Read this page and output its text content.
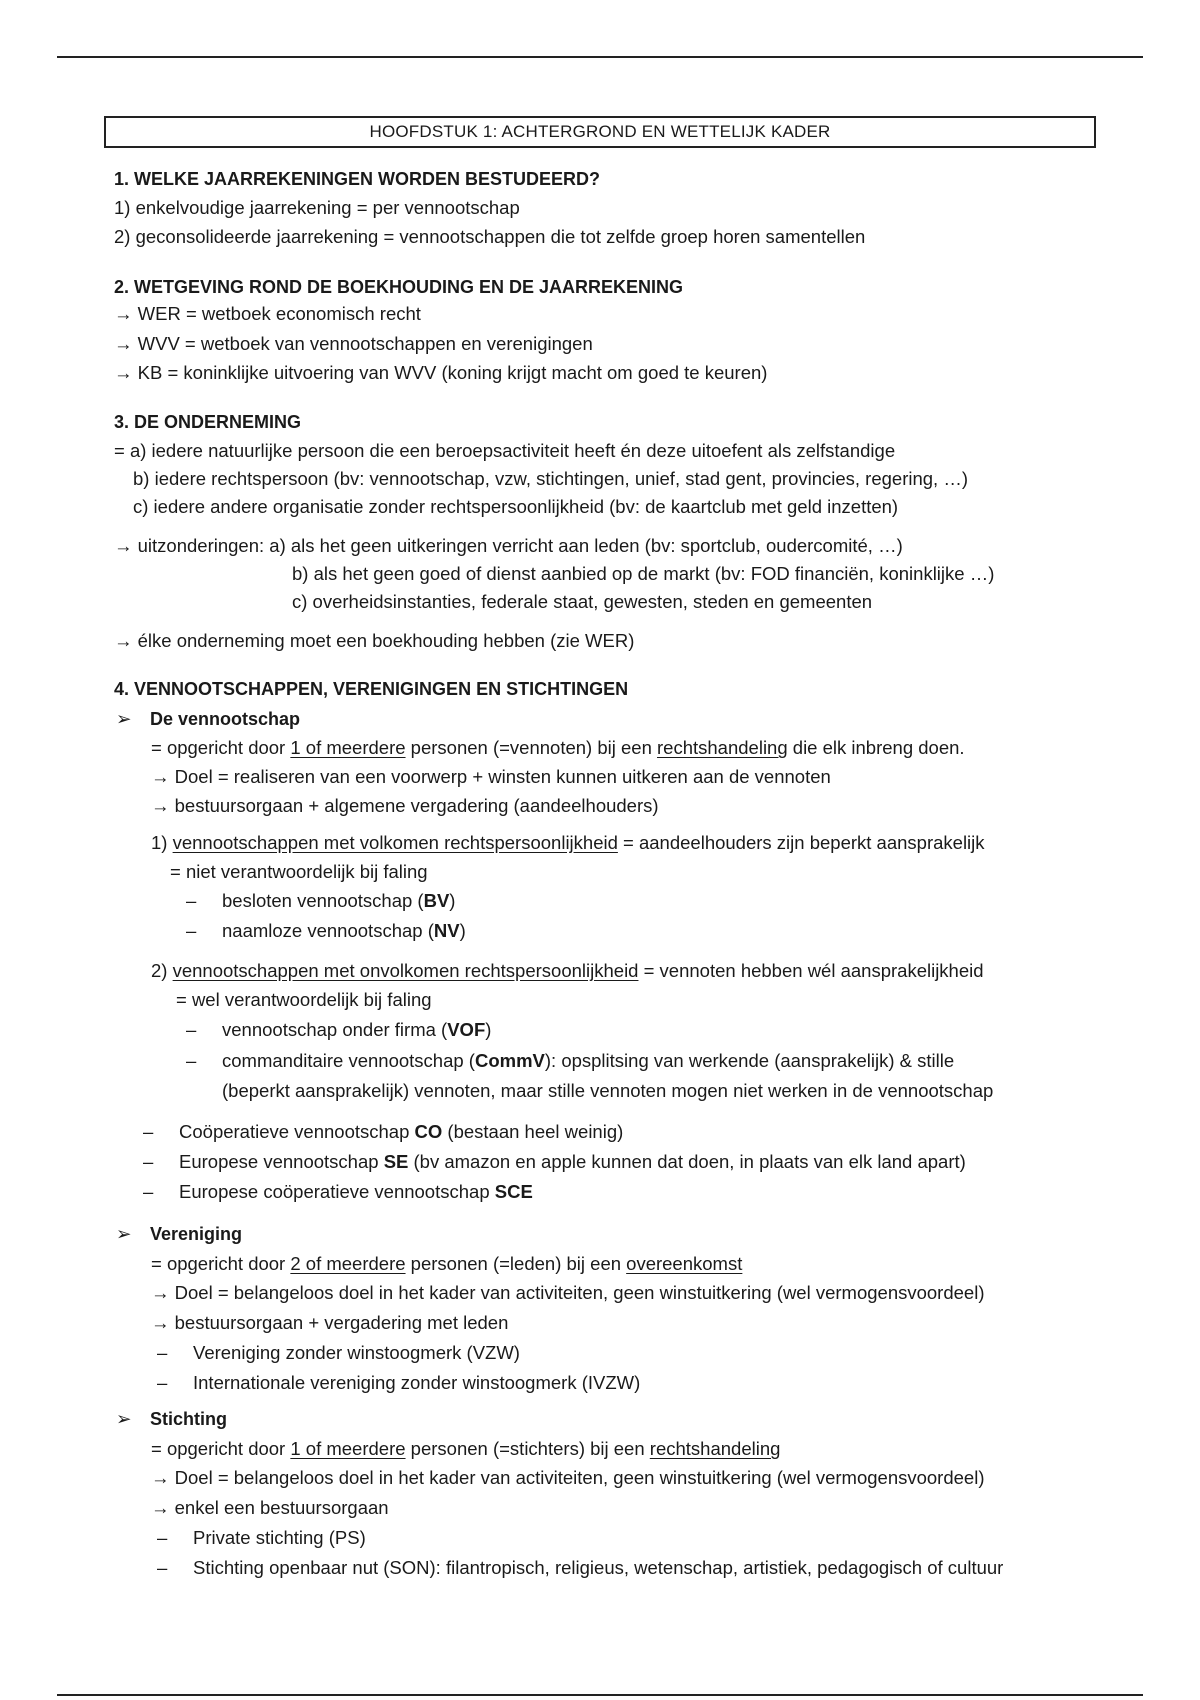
HOOFDSTUK 1: ACHTERGROND EN WETTELIJK KADER
1. WELKE JAARREKENINGEN WORDEN BESTUDEERD?
1) enkelvoudige jaarrekening = per vennootschap
2) geconsolideerde jaarrekening = vennootschappen die tot zelfde groep horen samentellen
2. WETGEVING ROND DE BOEKHOUDING EN DE JAARREKENING
→ WER = wetboek economisch recht
→ WVV = wetboek van vennootschappen en verenigingen
→ KB = koninklijke uitvoering van WVV (koning krijgt macht om goed te keuren)
3. DE ONDERNEMING
= a) iedere natuurlijke persoon die een beroepsactiviteit heeft én deze uitoefent als zelfstandige
b) iedere rechtspersoon (bv: vennootschap, vzw, stichtingen, unief, stad gent, provincies, regering, …)
c) iedere andere organisatie zonder rechtspersoonlijkheid (bv: de kaartclub met geld inzetten)
→ uitzonderingen: a) als het geen uitkeringen verricht aan leden (bv: sportclub, oudercomité, …)
b) als het geen goed of dienst aanbied op de markt (bv: FOD financiën, koninklijke …)
c) overheidsinstanties, federale staat, gewesten, steden en gemeenten
→ élke onderneming moet een boekhouding hebben (zie WER)
4. VENNOOTSCHAPPEN, VERENIGINGEN EN STICHTINGEN
➢ De vennootschap
= opgericht door 1 of meerdere personen (=vennoten) bij een rechtshandeling die elk inbreng doen.
→ Doel = realiseren van een voorwerp + winsten kunnen uitkeren aan de vennoten
→ bestuursorgaan + algemene vergadering (aandeelhouders)
1) vennootschappen met volkomen rechtspersoonlijkheid = aandeelhouders zijn beperkt aansprakelijk
= niet verantwoordelijk bij faling
– besloten vennootschap (BV)
– naamloze vennootschap (NV)
2) vennootschappen met onvolkomen rechtspersoonlijkheid = vennoten hebben wél aansprakelijkheid
= wel verantwoordelijk bij faling
– vennootschap onder firma (VOF)
– commanditaire vennootschap (CommV): opsplitsing van werkende (aansprakelijk) & stille
(beperkt aansprakelijk) vennoten, maar stille vennoten mogen niet werken in de vennootschap
– Coöperatieve vennootschap CO (bestaan heel weinig)
– Europese vennootschap SE (bv amazon en apple kunnen dat doen, in plaats van elk land apart)
– Europese coöperatieve vennootschap SCE
➢ Vereniging
= opgericht door 2 of meerdere personen (=leden) bij een overeenkomst
→ Doel = belangeloos doel in het kader van activiteiten, geen winstuitkering (wel vermogensvoordeel)
→ bestuursorgaan + vergadering met leden
– Vereniging zonder winstoogmerk (VZW)
– Internationale vereniging zonder winstoogmerk (IVZW)
➢ Stichting
= opgericht door 1 of meerdere personen (=stichters) bij een rechtshandeling
→ Doel = belangeloos doel in het kader van activiteiten, geen winstuitkering (wel vermogensvoordeel)
→ enkel een bestuursorgaan
– Private stichting (PS)
– Stichting openbaar nut (SON): filantropisch, religieus, wetenschap, artistiek, pedagogisch of cultuur
